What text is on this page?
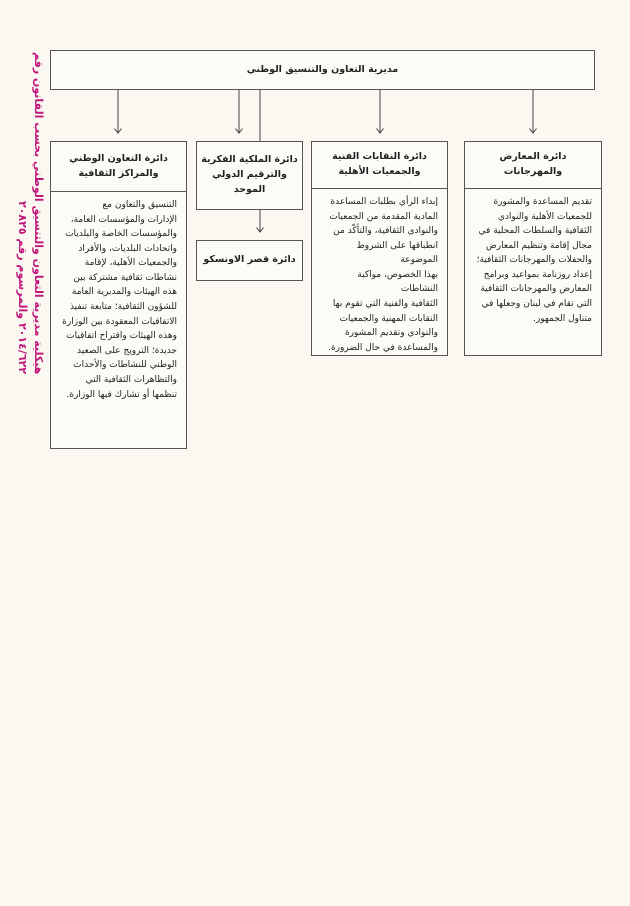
هيكلية مديرية التعاون والتنسيق الوطني بحسب القانون رقم
٢٠١٤/٦٢٢ والمرسوم رقم ٢٠٨٢٥
مديرية التعاون والتنسيق الوطني
دائرة المعارض والمهرجانات
تقديم المساعدة والمشورة
للجمعيات الأهلية والنوادي
الثقافية والسلطات المحلية في
مجال إقامة وتنظيم المعارض
والحفلات والمهرجانات الثقافية؛
إعداد روزنامة بمواعيد وبرامج
المعارض والمهرجانات الثقافية
التي تقام في لبنان وجعلها في
متناول الجمهور.
دائرة النقابات الفنية
والجمعيات الأهلية
إبداء الرأي بطلبات المساعدة
المادية المقدمة من الجمعيات
والنوادي الثقافية، والتأكّد من
انطباقها على الشروط الموضوعة
بهذا الخصوص، مواكبة النشاطات
الثقافية والفنية التي تقوم بها
النقابات المهنية والجمعيات
والنوادي وتقديم المشورة
والمساعدة في حال الضرورة.
دائرة الملكية الفكرية
والترقيم الدولي الموحد
دائرة قصر الاونسكو
دائرة التعاون الوطني
والمراكز الثقافية
التنسيق والتعاون مع
الإدارات والمؤسسات العامة،
والمؤسسات الخاصة والبلديات
واتحادات البلديات، والأفراد
والجمعيات الأهلية، لإقامة
نشاطات ثقافية مشتركة بين
هذه الهيئات والمديرية العامة
للشؤون الثقافية؛ متابعة تنفيذ
الاتفاقيات المعقودة بين الوزارة
وهذه الهيئات واقتراح اتفاقيات
جديدة؛ الترويج على الصعيد
الوطني للنشاطات والأحداث
والتظاهرات الثقافية التي
تنظمها أو تشارك فيها الوزارة.
